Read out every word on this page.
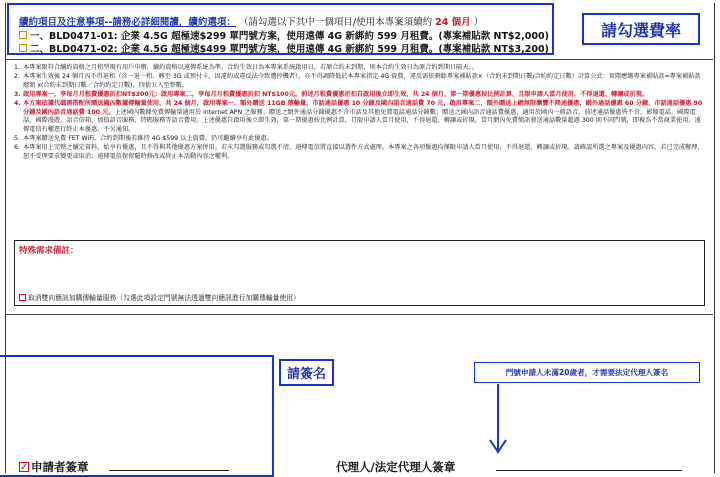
續約項目及注意事項--請務必詳細閱讀，續約選項： （請勾選以下其中一個項目/使用本專案須續約 24 個月 ）
一、BLD0471-01: 企業 4.5G 超極速$299 單門號方案，使用遠傳 4G 新綁約 599 月租費。(專案補貼款 NT$2,000)
二、BLD0471-02: 企業 4.5G 超極速$499 單門號方案，使用遠傳 4G 新綁約 599 月租費。(專案補貼款 NT$3,200)
請勾選費率
1. 本專案限符合續約資格之月租型現有用戶申辦，續約資格以遠傳系統為準。合約生效日為本專案系統啟用日，若原合約未到期，則本合約生效日為原合約到期日隔天。。
2. 本專案生效後 24 個月內不得退租（含一退一租、轉至 3G 或預付卡、因違約或違反法令致遭停機者），亦不得調降低於本專案指定 4G 資費，違反需依剩餘專案補貼款×（合約未到期日數/合約約定日數）計算公式：實際應繳專案補貼款=專案補貼款總額 x(合約未到期日數／合約約定日數)，四捨五入至整數。
3. 啟用專案一，享每月月租費優惠折扣NT$300元；啟用專案二，享每月月租費優惠折扣 NT$100元。前述月租費優惠折扣自啟用後立即生效，共 24 個月，第一期優惠按比例計算，且限申請人當月使用，不得退還、轉讓或折現。
4. 本方案依據代碼需搭配所贈送國內數據傳輸量使用，共 24 個月，啟用專案一，額外贈送 11GB 傳輸量，市話通話優惠 10 分鐘及國內語音通話費 70 元，啟用專案二，額外贈送上網無限瀏覽不降速優惠，網外通話優惠 60 分鐘，市話通話優惠 90 分鐘及國內語音通話費 100 元。上述國內數據免費傳輸量適用於 internet APN 之服務；贈送之網外通話分鐘優惠不含市話及其他免費電話通話分鐘數；贈送之國內語音通話費優惠，適用於國內一般語音，前述通話優惠皆不含、影像電話、國際電話、國際漫遊、語音信箱、加值語音服務、特碼服務等語音費用。上述優惠自啟用後立即生效，第一期優惠按比例計算，且限申請人當月使用，不得退還、轉讓或折現。當月網內免費簡訊發送通話數量超過 300 則不同門號，即視為不當商業使用，遠傳電信有權逕行終止本優惠，不另通知。
5. 本專案贈送免費 FET WiFi，合約到期後若維持 4G $599 以上資費，仍可繼續享有此優惠。
6. 本專案用上完整之續定資料，始享有優惠，且不得與其他優惠方案併用。若未勾選服務或勾選不清，遠傳電信將直接以選件方式處理。本專案之各項優惠均僅限申請人當月使用，不得退還、轉讓或折現。請確認所選之專案及優惠內容，若已完成辦理，恕不受理要求變更或取消；遠傳電信保留隨時修改或終止本活動內容之權利。
特殊需求備註：
取消雙向簡訊加購傳輸量服務（勾選此項設定門號無法透過雙向簡訊進行加購傳輸量使用）
請簽名	門號申請人未滿20歲者，才需要法定代理人簽名
✓ 申請者簽章	代理人/法定代理人簽章
